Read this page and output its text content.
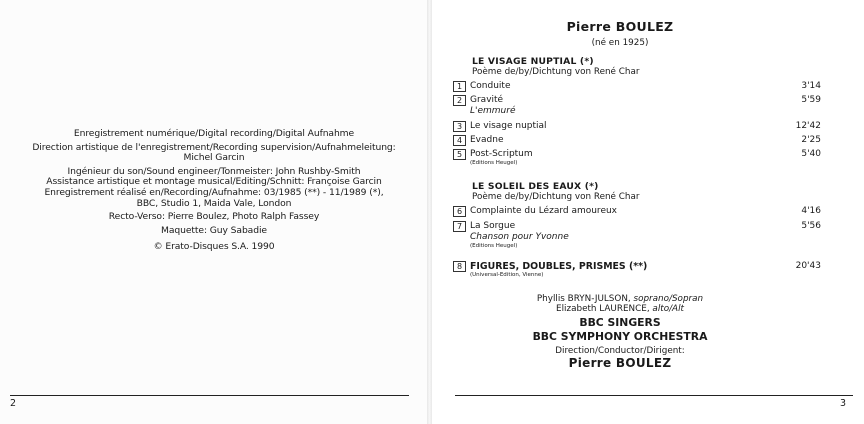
Enregistrement numérique/Digital recording/Digital Aufnahme
Direction artistique de l'enregistrement/Recording supervision/Aufnahmeleitung:
Michel Garcin
Ingénieur du son/Sound engineer/Tonmeister: John Rushby-Smith
Assistance artistique et montage musical/Editing/Schnitt: Françoise Garcin
Enregistrement réalisé en/Recording/Aufnahme: 03/1985 (**) - 11/1989 (*),
BBC, Studio 1, Maida Vale, London
Recto-Verso: Pierre Boulez, Photo Ralph Fassey
Maquette: Guy Sabadie
© Erato-Disques S.A. 1990
2
Pierre BOULEZ
(né en 1925)
LE VISAGE NUPTIAL (*)
Poème de/by/Dichtung von René Char
1 Conduite	3'14
2 Gravité	5'59
L'emmuré
3 Le visage nuptial	12'42
4 Evadne	2'25
5 Post-Scriptum	5'40
(Editions Heugel)
LE SOLEIL DES EAUX (*)
Poème de/by/Dichtung von René Char
6 Complainte du Lézard amoureux	4'16
7 La Sorgue	5'56
Chanson pour Yvonne
(Editions Heugel)
8 FIGURES, DOUBLES, PRISMES (**)	20'43
(Universal-Edition, Vienne)
Phyllis BRYN-JULSON, soprano/Sopran
Elizabeth LAURENCE, alto/Alt
BBC SINGERS
BBC SYMPHONY ORCHESTRA
Direction/Conductor/Dirigent:
Pierre BOULEZ
3
